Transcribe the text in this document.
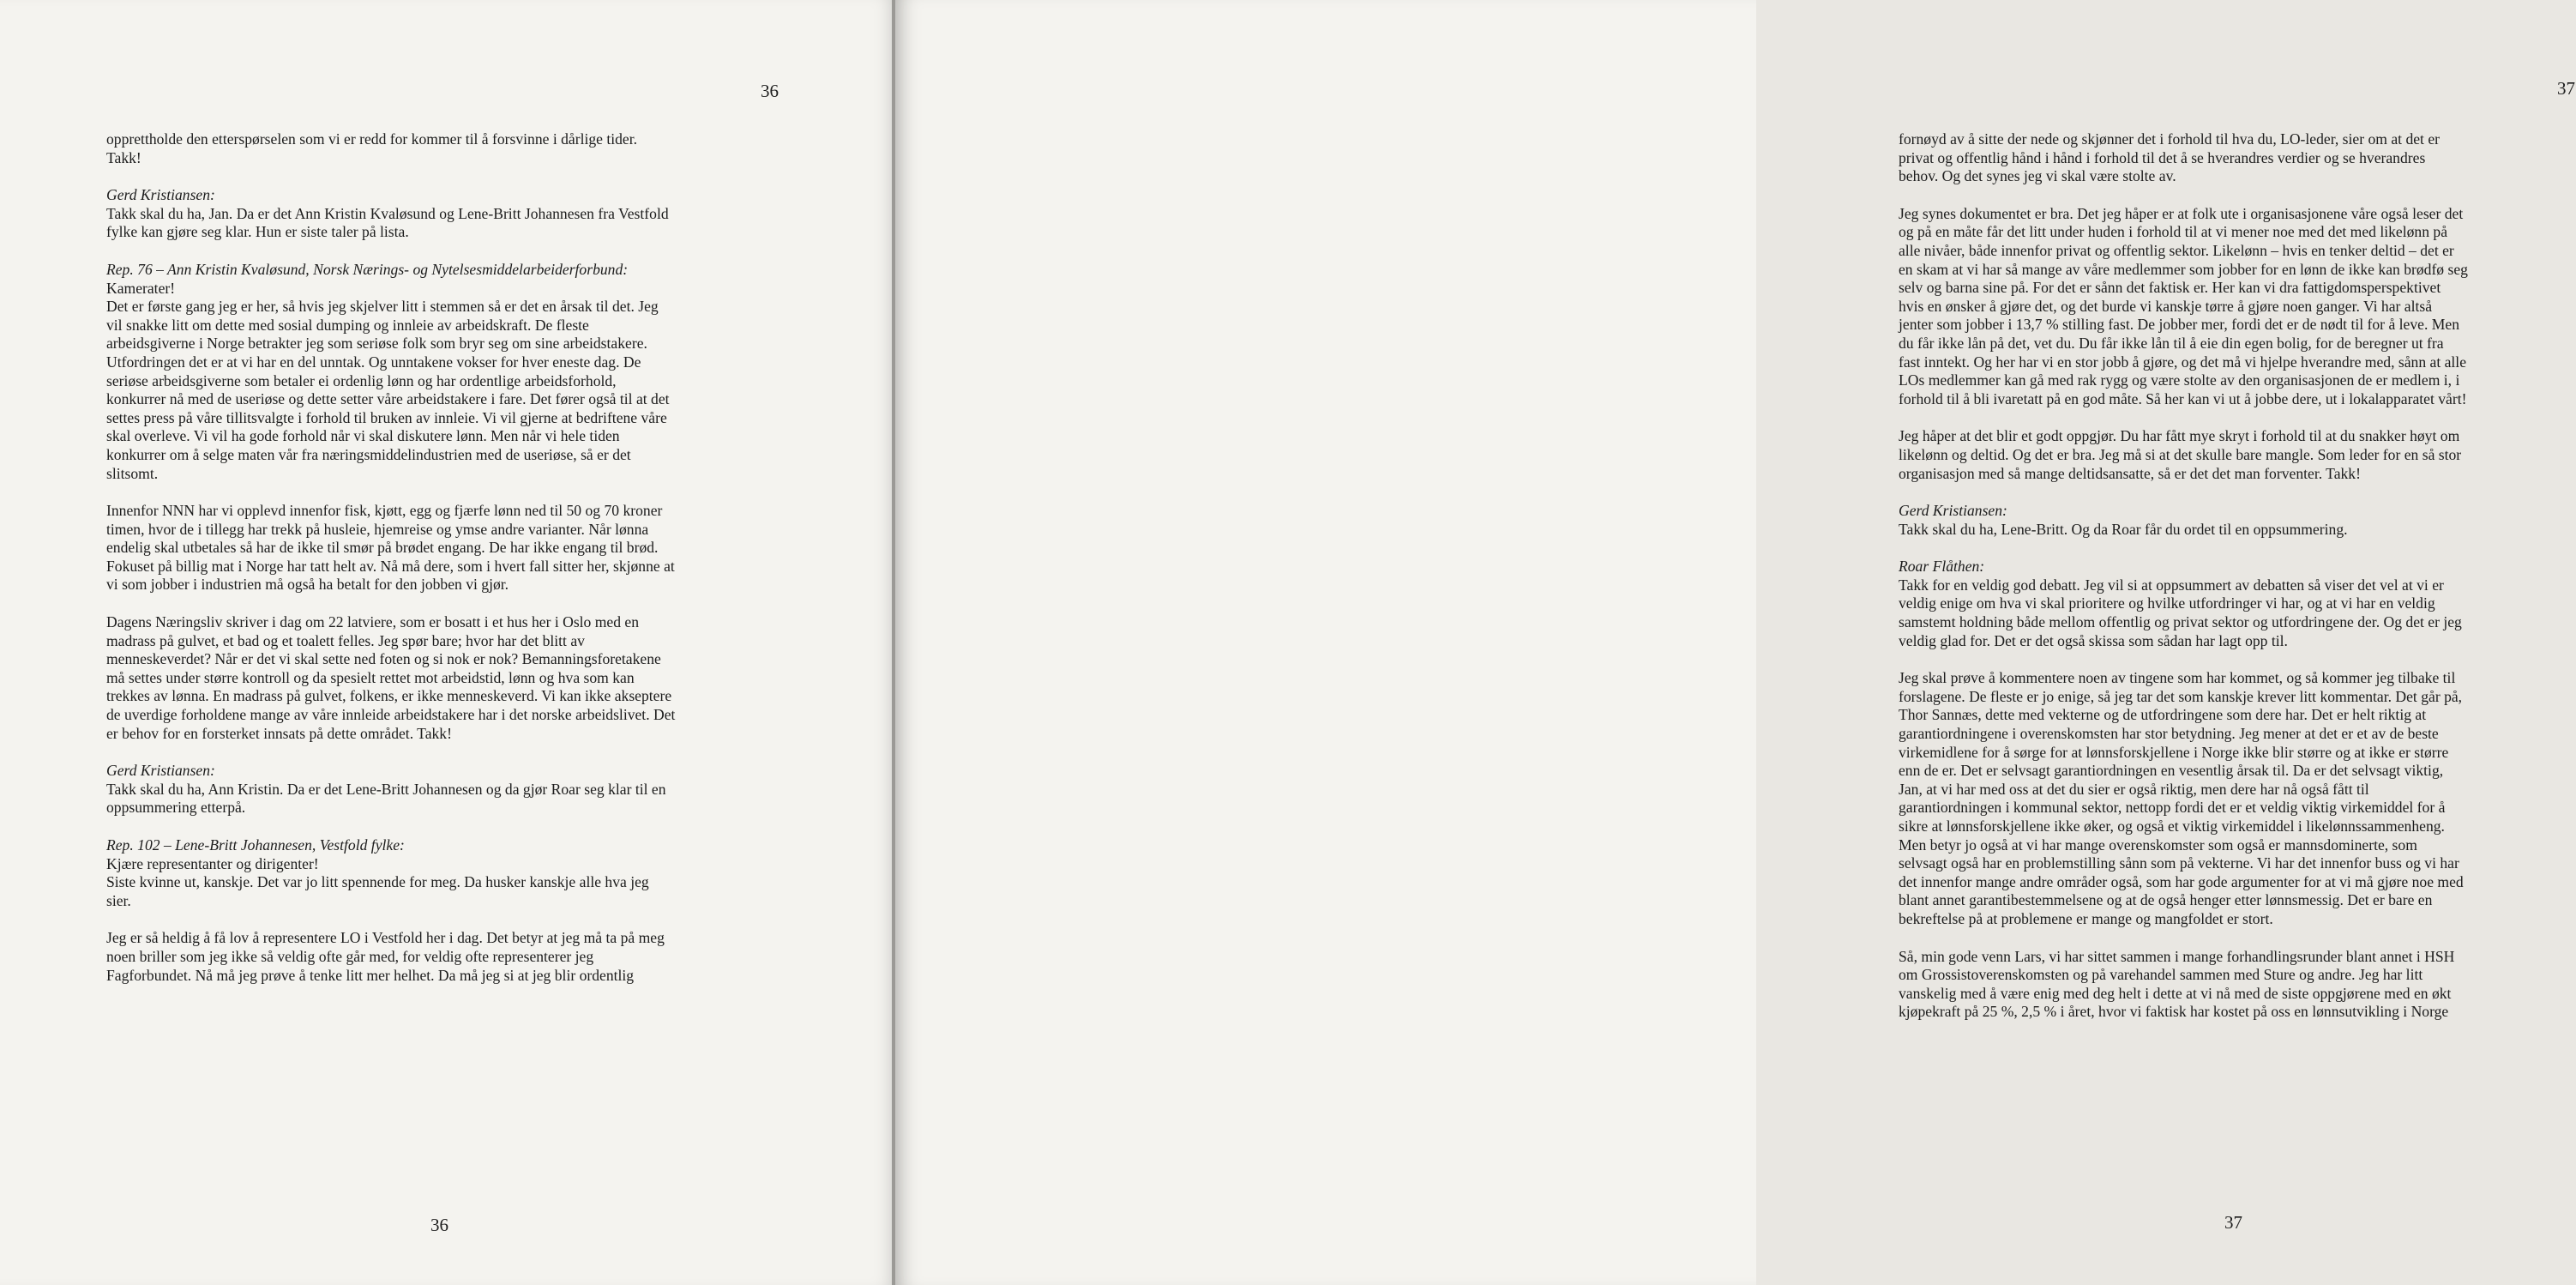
36

opprettholde den etterspørselen som vi er redd for kommer til å forsvinne i dårlige tider.

Takk!

Gerd Kristiansen:

Takk skal du ha, Jan. Da er det Ann Kristin Kvaløsund og Lene-Britt Johannesen fra Vestfold

fylke kan gjøre seg klar. Hun er siste taler på lista.

Rep. 76 – Ann Kristin Kvaløsund, Norsk Nærings- og Nytelsesmiddelarbeiderforbund:

Kamerater!

Det er første gang jeg er her, så hvis jeg skjelver litt i stemmen så er det en årsak til det. Jeg

vil snakke litt om dette med sosial dumping og innleie av arbeidskraft. De fleste

arbeidsgiverne i Norge betrakter jeg som seriøse folk som bryr seg om sine arbeidstakere.

Utfordringen det er at vi har en del unntak. Og unntakene vokser for hver eneste dag. De

seriøse arbeidsgiverne som betaler ei ordenlig lønn og har ordentlige arbeidsforhold,

konkurrer nå med de useriøse og dette setter våre arbeidstakere i fare. Det fører også til at det

settes press på våre tillitsvalgte i forhold til bruken av innleie. Vi vil gjerne at bedriftene våre

skal overleve. Vi vil ha gode forhold når vi skal diskutere lønn. Men når vi hele tiden

konkurrer om å selge maten vår fra næringsmiddelindustrien med de useriøse, så er det

slitsomt.

Innenfor NNN har vi opplevd innenfor fisk, kjøtt, egg og fjærfe lønn ned til 50 og 70 kroner

timen, hvor de i tillegg har trekk på husleie, hjemreise og ymse andre varianter. Når lønna

endelig skal utbetales så har de ikke til smør på brødet engang. De har ikke engang til brød.

Fokuset på billig mat i Norge har tatt helt av. Nå må dere, som i hvert fall sitter her, skjønne at

vi som jobber i industrien må også ha betalt for den jobben vi gjør.

Dagens Næringsliv skriver i dag om 22 latviere, som er bosatt i et hus her i Oslo med en

madrass på gulvet, et bad og et toalett felles. Jeg spør bare; hvor har det blitt av

menneskeverdet? Når er det vi skal sette ned foten og si nok er nok? Bemanningsforetakene

må settes under større kontroll og da spesielt rettet mot arbeidstid, lønn og hva som kan

trekkes av lønna. En madrass på gulvet, folkens, er ikke menneskeverd. Vi kan ikke akseptere

de uverdige forholdene mange av våre innleide arbeidstakere har i det norske arbeidslivet. Det

er behov for en forsterket innsats på dette området. Takk!

Gerd Kristiansen:

Takk skal du ha, Ann Kristin. Da er det Lene-Britt Johannesen og da gjør Roar seg klar til en

oppsummering etterpå.

Rep. 102 – Lene-Britt Johannesen, Vestfold fylke:

Kjære representanter og dirigenter!

Siste kvinne ut, kanskje. Det var jo litt spennende for meg. Da husker kanskje alle hva jeg

sier.

Jeg er så heldig å få lov å representere LO i Vestfold her i dag. Det betyr at jeg må ta på meg

noen briller som jeg ikke så veldig ofte går med, for veldig ofte representerer jeg

Fagforbundet. Nå må jeg prøve å tenke litt mer helhet. Da må jeg si at jeg blir ordentlig

36
37

fornøyd av å sitte der nede og skjønner det i forhold til hva du, LO-leder, sier om at det er

privat og offentlig hånd i hånd i forhold til det å se hverandres verdier og se hverandres

behov. Og det synes jeg vi skal være stolte av.

Jeg synes dokumentet er bra. Det jeg håper er at folk ute i organisasjonene våre også leser det

og på en måte får det litt under huden i forhold til at vi mener noe med det med likelønn på

alle nivåer, både innenfor privat og offentlig sektor. Likelønn – hvis en tenker deltid – det er

en skam at vi har så mange av våre medlemmer som jobber for en lønn de ikke kan brødfø seg

selv og barna sine på. For det er sånn det faktisk er. Her kan vi dra fattigdomsperspektivet

hvis en ønsker å gjøre det, og det burde vi kanskje tørre å gjøre noen ganger. Vi har altså

jenter som jobber i 13,7 % stilling fast. De jobber mer, fordi det er de nødt til for å leve. Men

du får ikke lån på det, vet du. Du får ikke lån til å eie din egen bolig, for de beregner ut fra

fast inntekt. Og her har vi en stor jobb å gjøre, og det må vi hjelpe hverandre med, sånn at alle

LOs medlemmer kan gå med rak rygg og være stolte av den organisasjonen de er medlem i, i

forhold til å bli ivaretatt på en god måte. Så her kan vi ut å jobbe dere, ut i lokalapparatet vårt!

Jeg håper at det blir et godt oppgjør. Du har fått mye skryt i forhold til at du snakker høyt om

likelønn og deltid. Og det er bra. Jeg må si at det skulle bare mangle. Som leder for en så stor

organisasjon med så mange deltidsansatte, så er det det man forventer. Takk!

Gerd Kristiansen:

Takk skal du ha, Lene-Britt. Og da Roar får du ordet til en oppsummering.

Roar Flåthen:

Takk for en veldig god debatt. Jeg vil si at oppsummert av debatten så viser det vel at vi er

veldig enige om hva vi skal prioritere og hvilke utfordringer vi har, og at vi har en veldig

samstemt holdning både mellom offentlig og privat sektor og utfordringene der. Og det er jeg

veldig glad for. Det er det også skissa som sådan har lagt opp til.

Jeg skal prøve å kommentere noen av tingene som har kommet, og så kommer jeg tilbake til

forslagene. De fleste er jo enige, så jeg tar det som kanskje krever litt kommentar. Det går på,

Thor Sannæs, dette med vekterne og de utfordringene som dere har. Det er helt riktig at

garantiordningene i overenskomsten har stor betydning. Jeg mener at det er et av de beste

virkemidlene for å sørge for at lønnsforskjellene i Norge ikke blir større og at ikke er større

enn de er. Det er selvsagt garantiordningen en vesentlig årsak til. Da er det selvsagt viktig,

Jan, at vi har med oss at det du sier er også riktig, men dere har nå også fått til

garantiordningen i kommunal sektor, nettopp fordi det er et veldig viktig virkemiddel for å

sikre at lønnsforskjellene ikke øker, og også et viktig virkemiddel i likelønnssammenheng.

Men betyr jo også at vi har mange overenskomster som også er mannsdominerte, som

selvsagt også har en problemstilling sånn som på vekterne. Vi har det innenfor buss og vi har

det innenfor mange andre områder også, som har gode argumenter for at vi må gjøre noe med

blant annet garantibestemmelsene og at de også henger etter lønnsmessig. Det er bare en

bekreftelse på at problemene er mange og mangfoldet er stort.

Så, min gode venn Lars, vi har sittet sammen i mange forhandlingsrunder blant annet i HSH

om Grossistoverenskomsten og på varehandel sammen med Sture og andre. Jeg har litt

vanskelig med å være enig med deg helt i dette at vi nå med de siste oppgjørene med en økt

kjøpekraft på 25 %, 2,5 % i året, hvor vi faktisk har kostet på oss en lønnsutvikling i Norge

37
